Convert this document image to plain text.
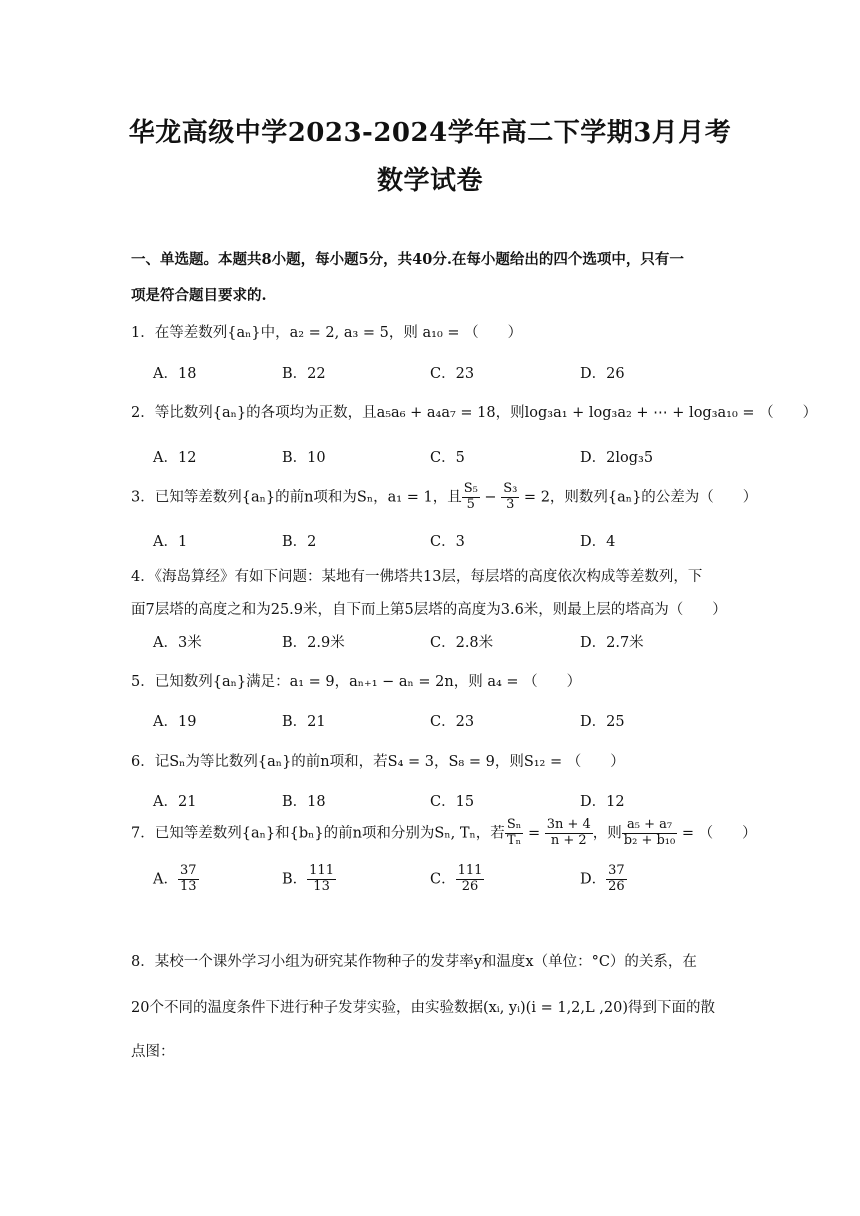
华龙高级中学2023-2024学年高二下学期3月月考
数学试卷
一、单选题。本题共8小题，每小题5分，共40分.在每小题给出的四个选项中，只有一
项是符合题目要求的.
1．在等差数列{aₙ}中，a₂ = 2, a₃ = 5，则 a₁₀ = （　　）
A．18	B．22	C．23	D．26
2．等比数列{aₙ}的各项均为正数，且a₅a₆ + a₄a₇ = 18，则log₃a₁ + log₃a₂ + ⋯ + log₃a₁₀ = （　　）
A．12	B．10	C．5	D．2log₃5
3．已知等差数列{aₙ}的前n项和为Sₙ，a₁ = 1，且 $\frac{\text{S₅}}{5} - \frac{\text{S₃}}{3} = 2$，则数列{aₙ}的公差为（　　）
A．1	B．2	C．3	D．4
4．《海岛算经》有如下问题：某地有一佛塔共13层，每层塔的高度依次构成等差数列，下
面7层塔的高度之和为25.9米，自下而上第5层塔的高度为3.6米，则最上层的塔高为（　　）
A．3米	B．2.9米	C．2.8米	D．2.7米
5．已知数列{aₙ}满足：a₁ = 9，aₙ₊₁ − aₙ = 2n，则 a₄ = （　　）
A．19	B．21	C．23	D．25
6．记Sₙ为等比数列{aₙ}的前n项和，若S₄ = 3，S₈ = 9，则S₁₂ = （　　）
A．21	B．18	C．15	D．12
7．已知等差数列{aₙ}和{bₙ}的前n项和分别为Sₙ, Tₙ，若 $\frac{\text{Sₙ}}{\text{Tₙ}} = \frac{3n + 4}{n + 2}$ ，则 $\frac{\text{a₅ + a₇}}{\text{b₂ + b₁₀}}$ = （　　）
A． $\frac{37}{13}$	B． $\frac{111}{13}$	C． $\frac{111}{26}$	D． $\frac{37}{26}$
8．某校一个课外学习小组为研究某作物种子的发芽率y和温度x（单位：°C）的关系，在
20个不同的温度条件下进行种子发芽实验，由实验数据(xᵢ, yᵢ)(i = 1,2,L ,20)得到下面的散
点图：
